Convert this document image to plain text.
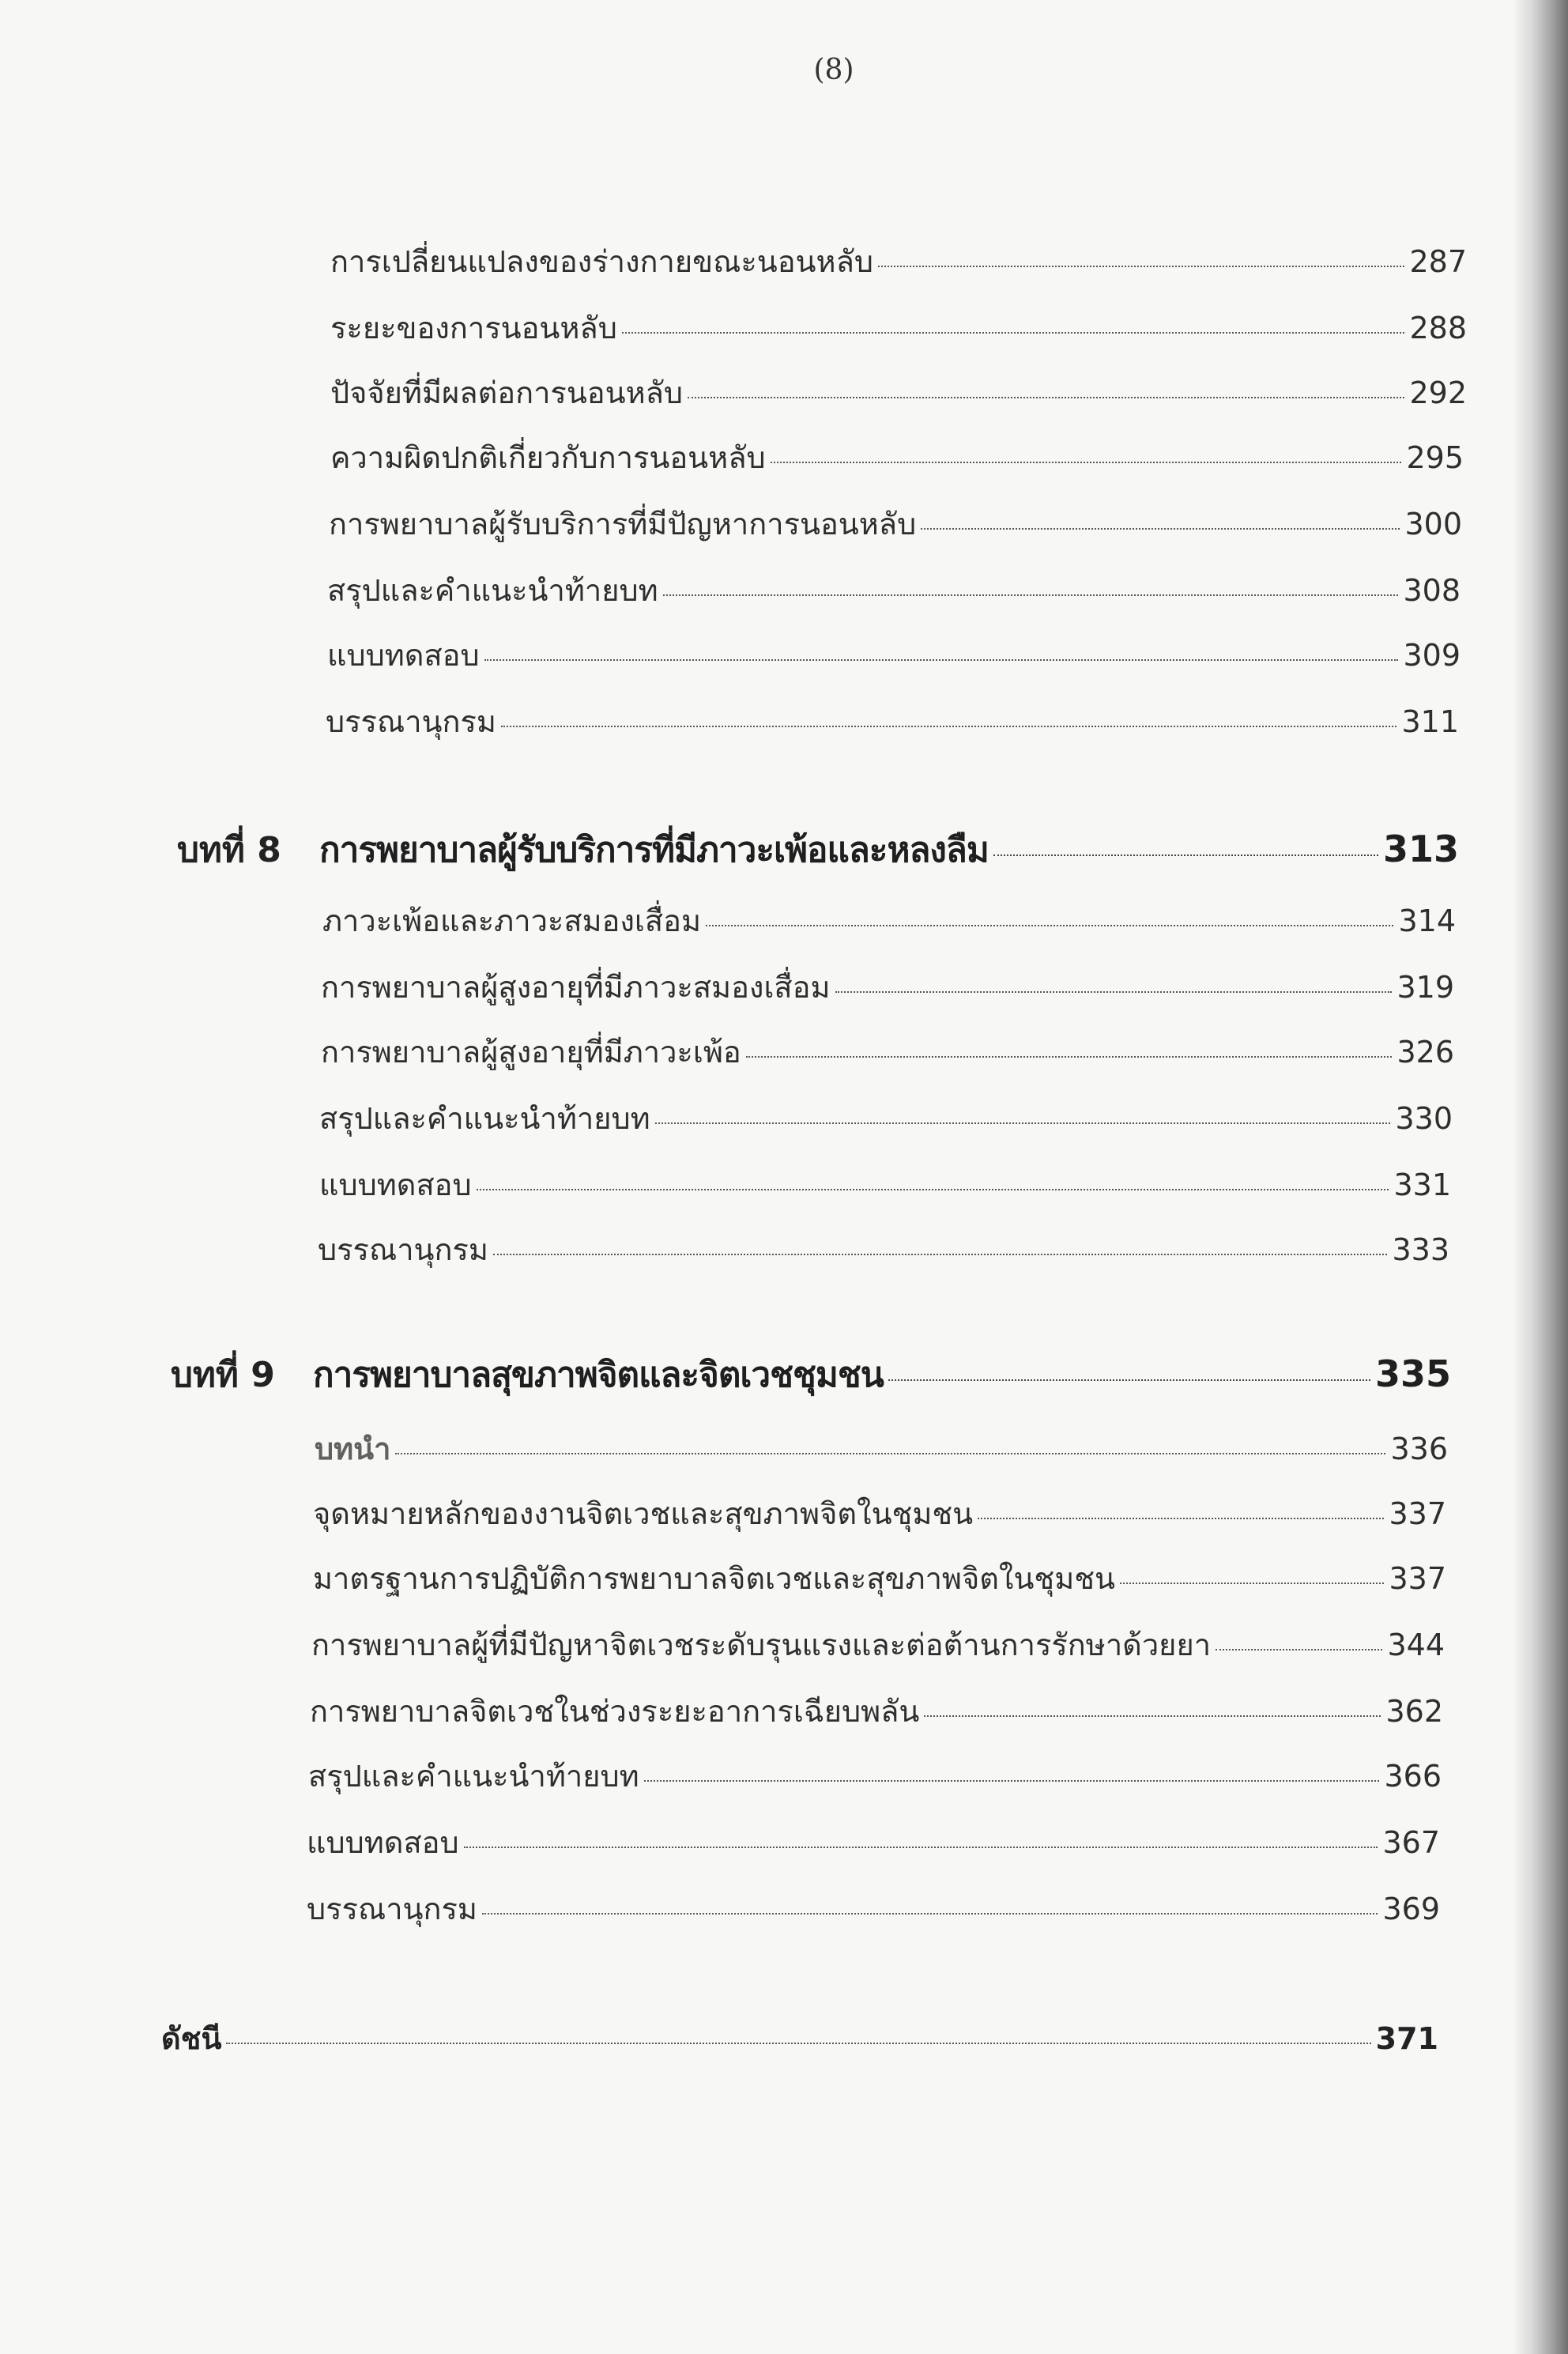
(8)
การเปลี่ยนแปลงของร่างกายขณะนอนหลับ	287
ระยะของการนอนหลับ	288
ปัจจัยที่มีผลต่อการนอนหลับ	292
ความผิดปกติเกี่ยวกับการนอนหลับ	295
การพยาบาลผู้รับบริการที่มีปัญหาการนอนหลับ	300
สรุปและคำแนะนำท้ายบท	308
แบบทดสอบ	309
บรรณานุกรม	311
บทที่ 8	การพยาบาลผู้รับบริการที่มีภาวะเพ้อและหลงลืม	313
ภาวะเพ้อและภาวะสมองเสื่อม	314
การพยาบาลผู้สูงอายุที่มีภาวะสมองเสื่อม	319
การพยาบาลผู้สูงอายุที่มีภาวะเพ้อ	326
สรุปและคำแนะนำท้ายบท	330
แบบทดสอบ	331
บรรณานุกรม	333
บทที่ 9	การพยาบาลสุขภาพจิตและจิตเวชชุมชน	335
บทนำ	336
จุดหมายหลักของงานจิตเวชและสุขภาพจิตในชุมชน	337
มาตรฐานการปฏิบัติการพยาบาลจิตเวชและสุขภาพจิตในชุมชน	337
การพยาบาลผู้ที่มีปัญหาจิตเวชระดับรุนแรงและต่อต้านการรักษาด้วยยา	344
การพยาบาลจิตเวชในช่วงระยะอาการเฉียบพลัน	362
สรุปและคำแนะนำท้ายบท	366
แบบทดสอบ	367
บรรณานุกรม	369
ดัชนี	371
